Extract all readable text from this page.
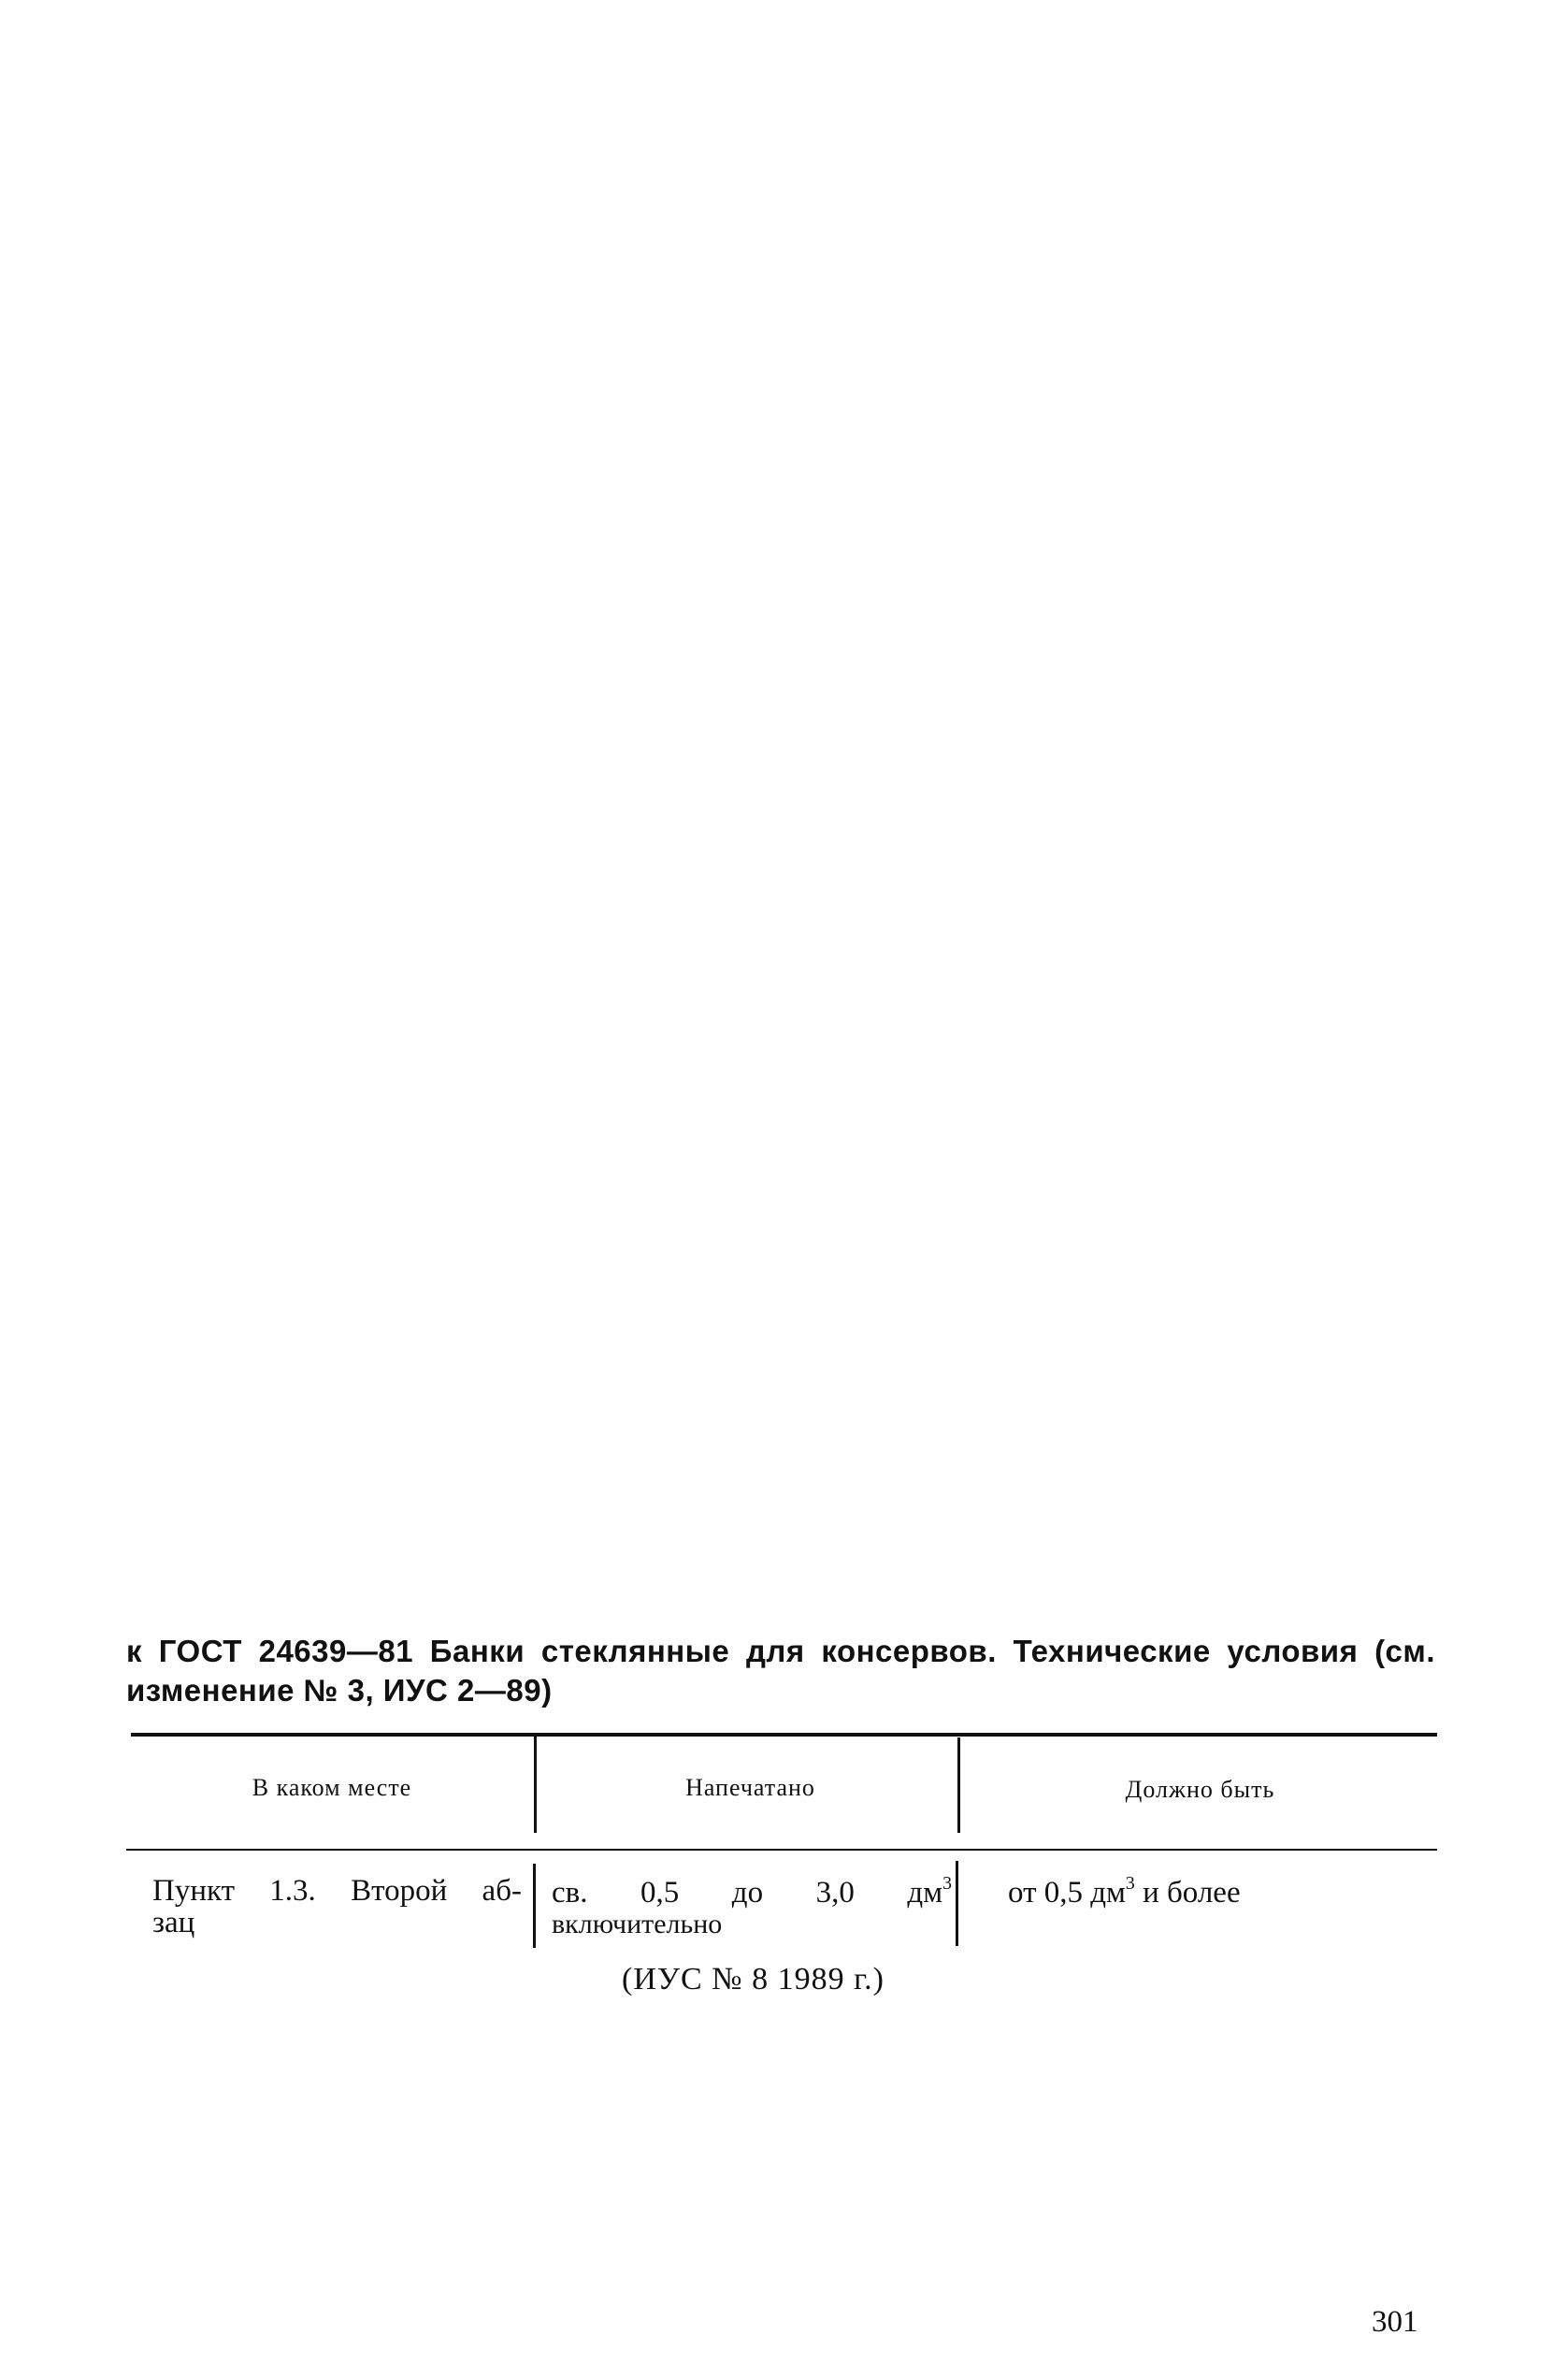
к ГОСТ 24639—81 Банки стеклянные для консервов. Технические условия (см.
изменение № 3, ИУС 2—89)
В каком месте	Напечатано	Должно быть
Пункт 1.3. Второй аб-
зац
св. 0,5 до 3,0 $дм^3$
включительно
от 0,5 $дм^3$ и более
(ИУС № 8 1989 г.)
301
